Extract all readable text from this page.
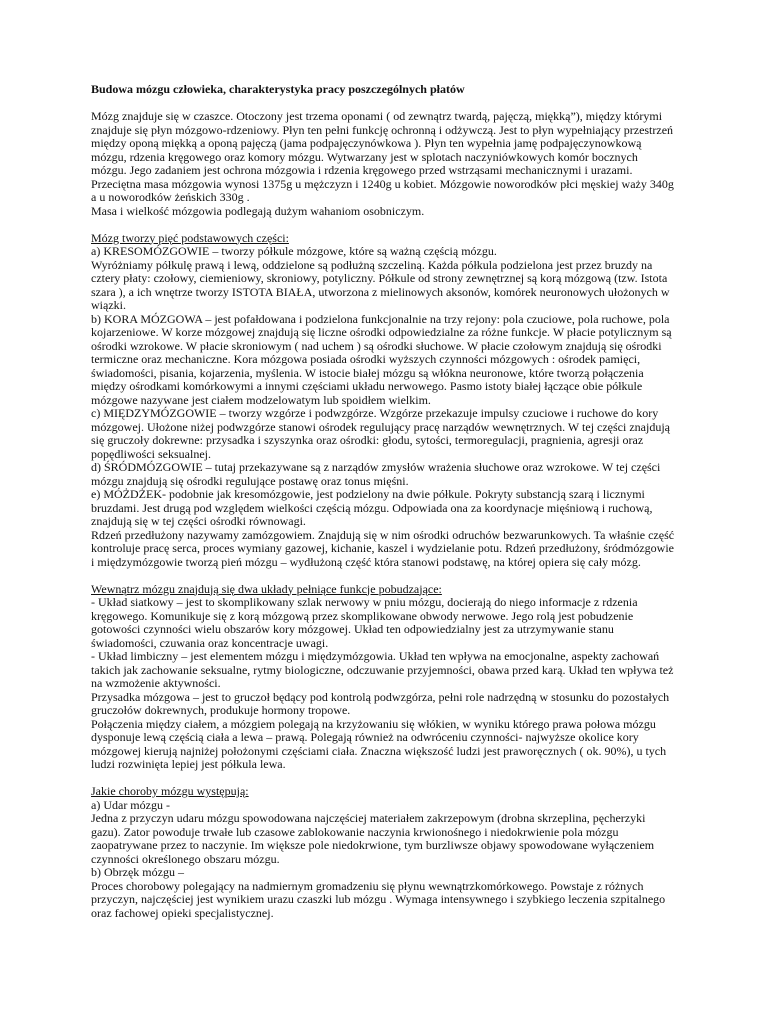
Budowa mózgu człowieka, charakterystyka pracy poszczególnych płatów

Mózg znajduje się w czaszce. Otoczony jest trzema oponami ( od zewnątrz twardą, pajęczą, miękką”), między którymi znajduje się płyn mózgowo-rdzeniowy. Płyn ten pełni funkcję ochronną i odżywczą. Jest to płyn wypełniający przestrzeń między oponą miękką a oponą pajęczą (jama podpajęczynówkowa ). Płyn ten wypełnia jamę podpajęczynowkową mózgu, rdzenia kręgowego oraz komory mózgu. Wytwarzany jest w splotach naczyniówkowych komór bocznych mózgu. Jego zadaniem jest ochrona mózgowia i rdzenia kręgowego przed wstrząsami mechanicznymi i urazami. Przeciętna masa mózgowia wynosi 1375g u mężczyzn i 1240g u kobiet. Mózgowie noworodków płci męskiej waży 340g a u noworodków żeńskich 330g .

Masa i wielkość mózgowia podlegają dużym wahaniom osobniczym.

Mózg tworzy pięć podstawowych części:

a) KRESOMÓZGOWIE – tworzy półkule mózgowe, które są ważną częścią mózgu.

Wyróżniamy półkulę prawą i lewą, oddzielone są podłużną szczeliną. Każda półkula podzielona jest przez bruzdy na cztery płaty: czołowy, ciemieniowy, skroniowy, potyliczny. Półkule od strony zewnętrznej są korą mózgową (tzw. Istota szara ), a ich wnętrze tworzy ISTOTA BIAŁA, utworzona z mielinowych aksonów, komórek neuronowych ułożonych w wiązki.

b) KORA MÓZGOWA – jest pofałdowana i podzielona funkcjonalnie na trzy rejony: pola czuciowe, pola ruchowe, pola kojarzeniowe. W korze mózgowej znajdują się liczne ośrodki odpowiedzialne za różne funkcje. W płacie potylicznym są ośrodki wzrokowe. W płacie skroniowym ( nad uchem ) są ośrodki słuchowe. W płacie czołowym znajdują się ośrodki termiczne oraz mechaniczne. Kora mózgowa posiada ośrodki wyższych czynności mózgowych : ośrodek pamięci, świadomości, pisania, kojarzenia, myślenia. W istocie białej mózgu są włókna neuronowe, które tworzą połączenia między ośrodkami komórkowymi a innymi częściami układu nerwowego. Pasmo istoty białej łączące obie półkule mózgowe nazywane jest ciałem modzelowatym lub spoidłem wielkim.

c) MIĘDZYMÓZGOWIE – tworzy wzgórze i podwzgórze. Wzgórze przekazuje impulsy czuciowe i ruchowe do kory mózgowej. Ułożone niżej podwzgórze stanowi ośrodek regulujący pracę narządów wewnętrznych. W tej części znajdują się gruczoły dokrewne: przysadka i szyszynka oraz ośrodki: głodu, sytości, termoregulacji, pragnienia, agresji oraz popędliwości seksualnej.

d) ŚRÓDMÓZGOWIE – tutaj przekazywane są z narządów zmysłów wrażenia słuchowe oraz wzrokowe. W tej części mózgu znajdują się ośrodki regulujące postawę oraz tonus mięśni.

e) MÓŻDŻEK- podobnie jak kresomózgowie, jest podzielony na dwie półkule. Pokryty substancją szarą i licznymi bruzdami. Jest drugą pod względem wielkości częścią mózgu. Odpowiada ona za koordynacje mięśniową i ruchową, znajdują się w tej części ośrodki równowagi.

Rdzeń przedłużony nazywamy zamózgowiem. Znajdują się w nim ośrodki odruchów bezwarunkowych. Ta właśnie część kontroluje pracę serca, proces wymiany gazowej, kichanie, kaszel i wydzielanie potu. Rdzeń przedłużony, śródmózgowie i międzymózgowie tworzą pień mózgu – wydłużoną część która stanowi podstawę, na której opiera się cały mózg.

Wewnątrz mózgu znajdują się dwa układy pełniące funkcje pobudzające:

- Układ siatkowy – jest to skomplikowany szlak nerwowy w pniu mózgu, docierają do niego informacje z rdzenia kręgowego. Komunikuje się z korą mózgową przez skomplikowane obwody nerwowe. Jego rolą jest pobudzenie gotowości czynności wielu obszarów kory mózgowej. Układ ten odpowiedzialny jest za utrzymywanie stanu świadomości, czuwania oraz koncentracje uwagi.

- Układ limbiczny – jest elementem mózgu i międzymózgowia. Układ ten wpływa na emocjonalne, aspekty zachowań takich jak zachowanie seksualne, rytmy biologiczne, odczuwanie przyjemności, obawa przed karą. Układ ten wpływa też na wzmożenie aktywności.

Przysadka mózgowa – jest to gruczoł będący pod kontrolą podwzgórza, pełni role nadrzędną w stosunku do pozostałych gruczołów dokrewnych, produkuje hormony tropowe.

Połączenia między ciałem, a mózgiem polegają na krzyżowaniu się włókien, w wyniku którego prawa połowa mózgu dysponuje lewą częścią ciała a lewa – prawą. Polegają również na odwróceniu czynności- najwyższe okolice kory mózgowej kierują najniżej położonymi częściami ciała. Znaczna większość ludzi jest praworęcznych ( ok. 90%), u tych ludzi rozwinięta lepiej jest półkula lewa.

Jakie choroby mózgu występują:

a) Udar mózgu -

Jedna z przyczyn udaru mózgu spowodowana najczęściej materiałem zakrzepowym (drobna skrzeplina, pęcherzyki gazu). Zator powoduje trwałe lub czasowe zablokowanie naczynia krwionośnego i niedokrwienie pola mózgu zaopatrywane przez to naczynie. Im większe pole niedokrwione, tym burzliwsze objawy spowodowane wyłączeniem czynności określonego obszaru mózgu.

b) Obrzęk mózgu –

Proces chorobowy polegający na nadmiernym gromadzeniu się płynu wewnątrzkomórkowego. Powstaje z różnych przyczyn, najczęściej jest wynikiem urazu czaszki lub mózgu . Wymaga intensywnego i szybkiego leczenia szpitalnego oraz fachowej opieki specjalistycznej.
